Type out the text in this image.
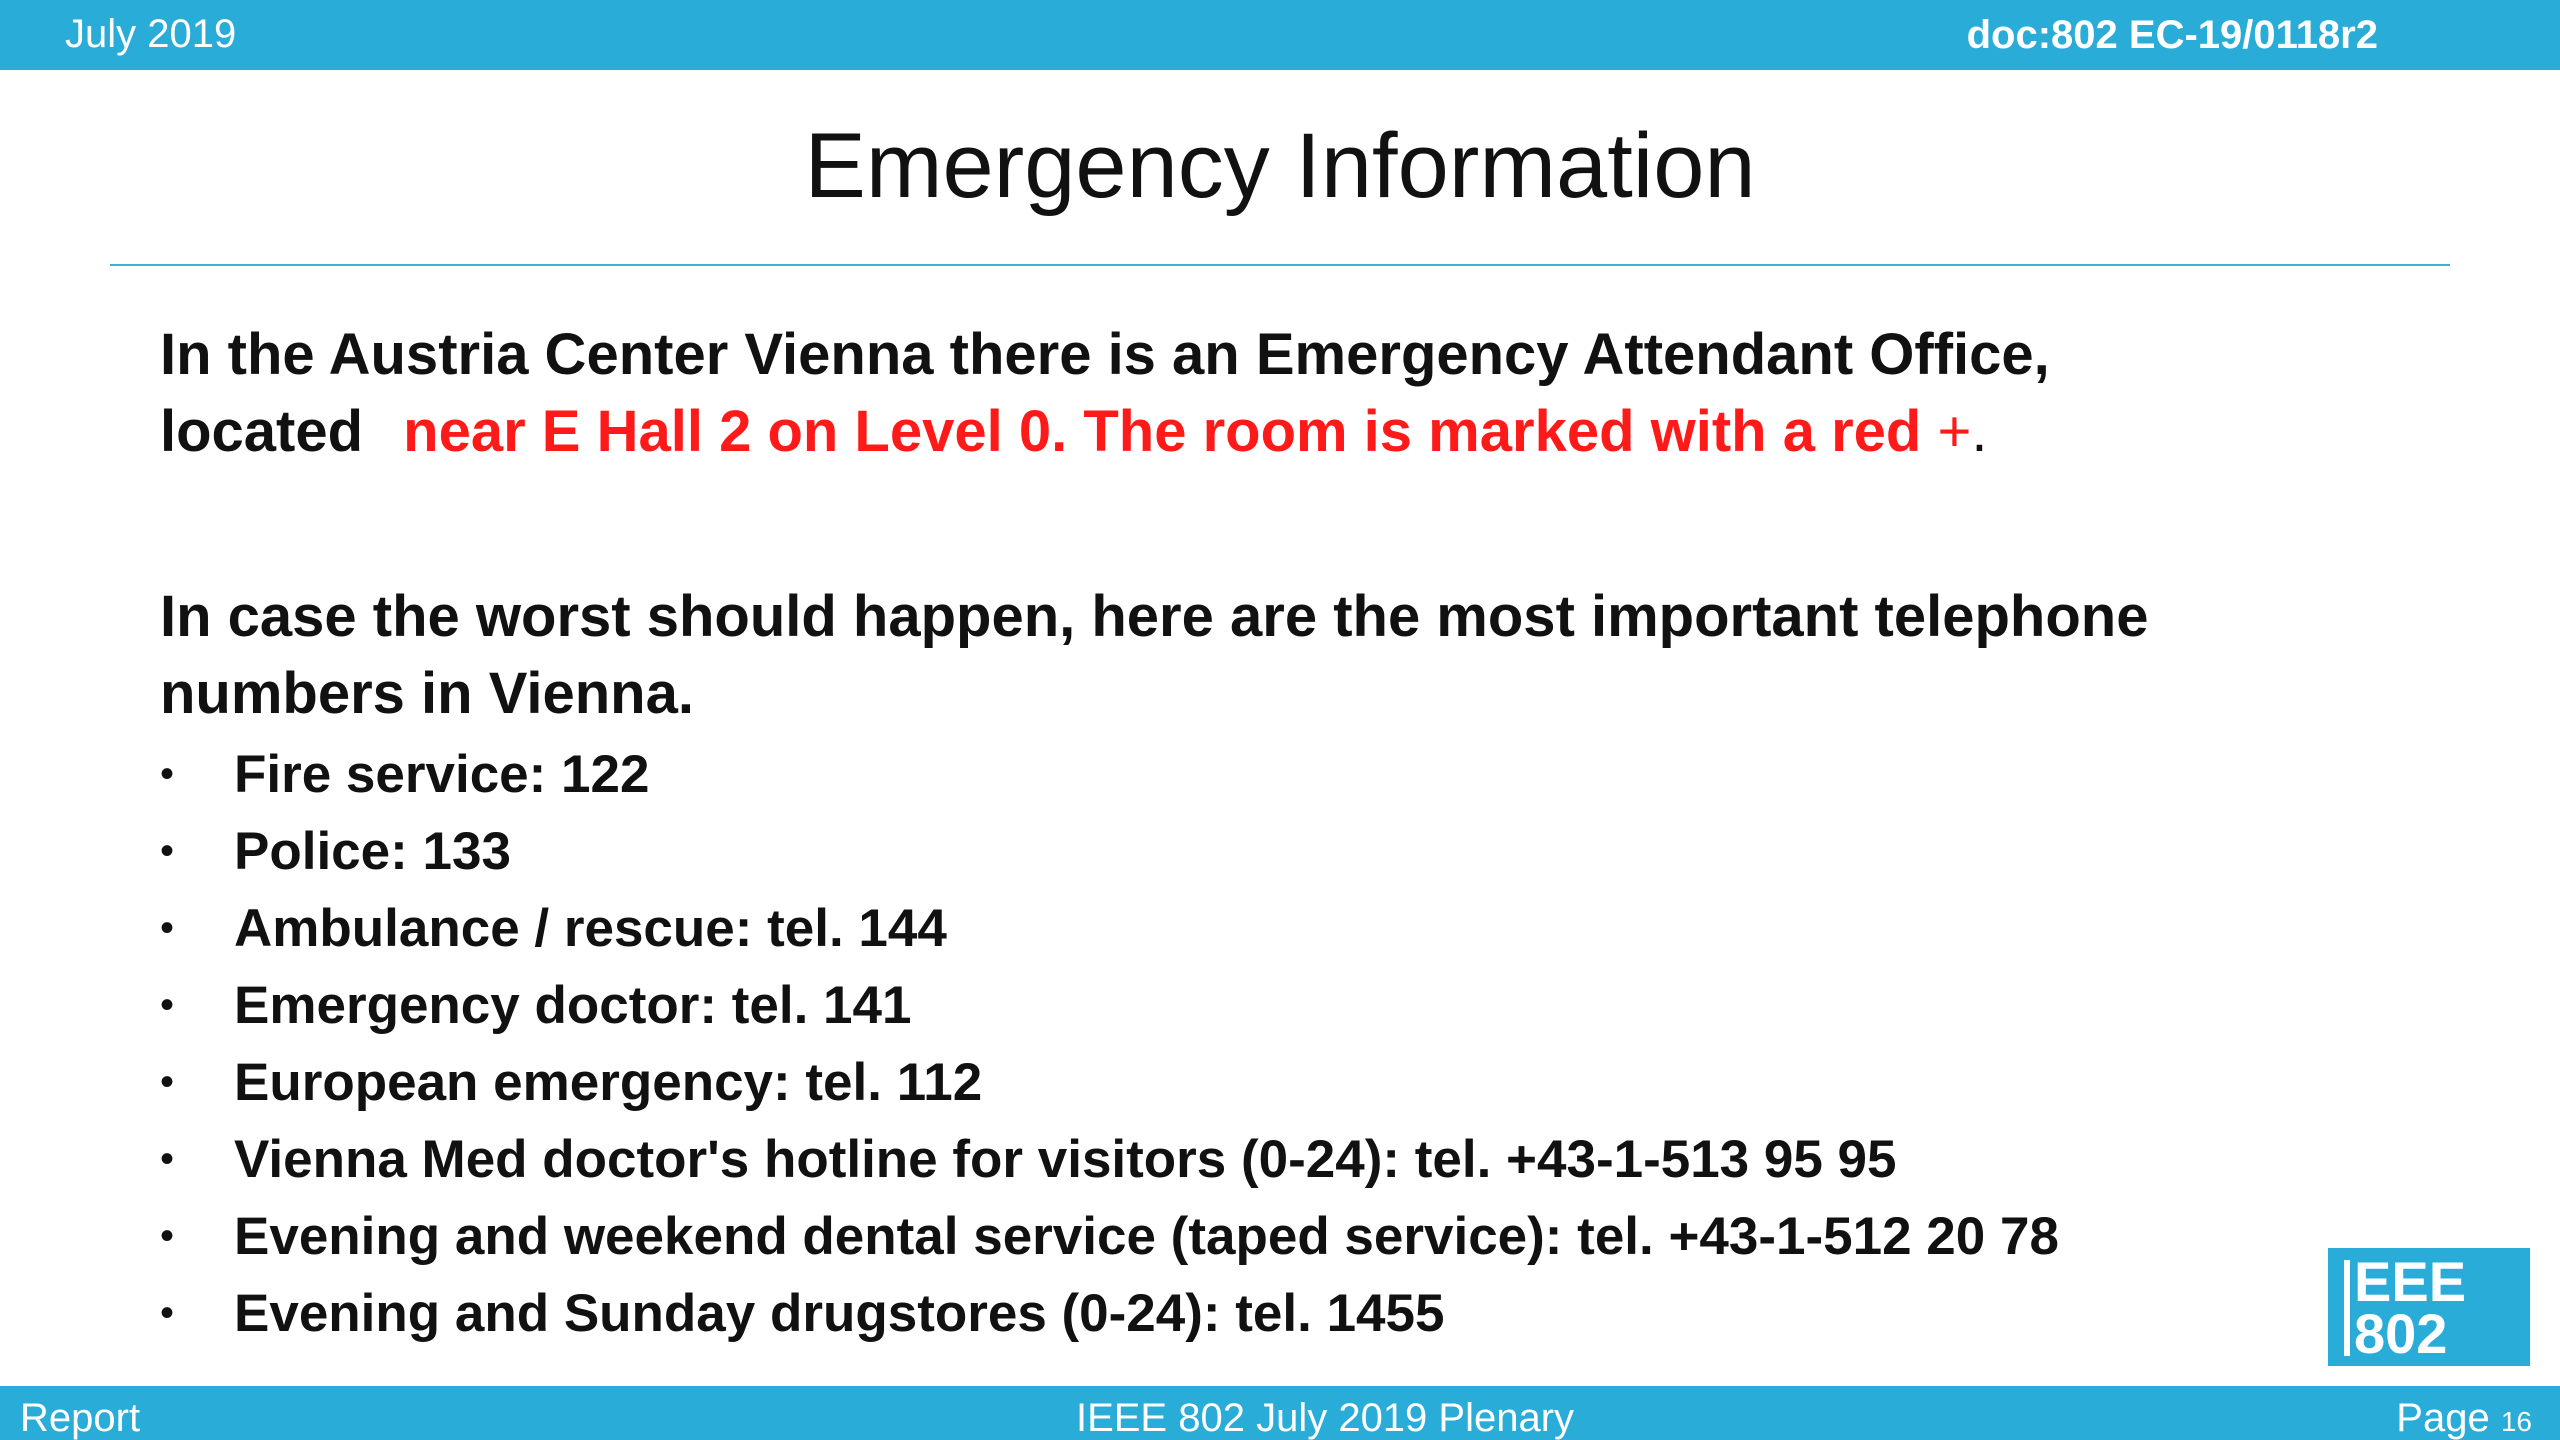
July 2019	doc:802 EC-19/0118r2
Emergency Information
In the Austria Center Vienna there is an Emergency Attendant Office,
located near E Hall 2 on Level 0. The room is marked with a red +.
In case the worst should happen, here are the most important telephone numbers in Vienna.
•	Fire service: 122
•	Police: 133
•	Ambulance / rescue: tel. 144
•	Emergency doctor: tel. 141
•	European emergency: tel. 112
•	Vienna Med doctor's hotline for visitors (0-24): tel. +43-1-513 95 95
•	Evening and weekend dental service (taped service): tel. +43-1-512 20 78
•	Evening and Sunday drugstores (0-24): tel. 1455
EEE
802
Report	IEEE 802 July 2019 Plenary	Page 16
